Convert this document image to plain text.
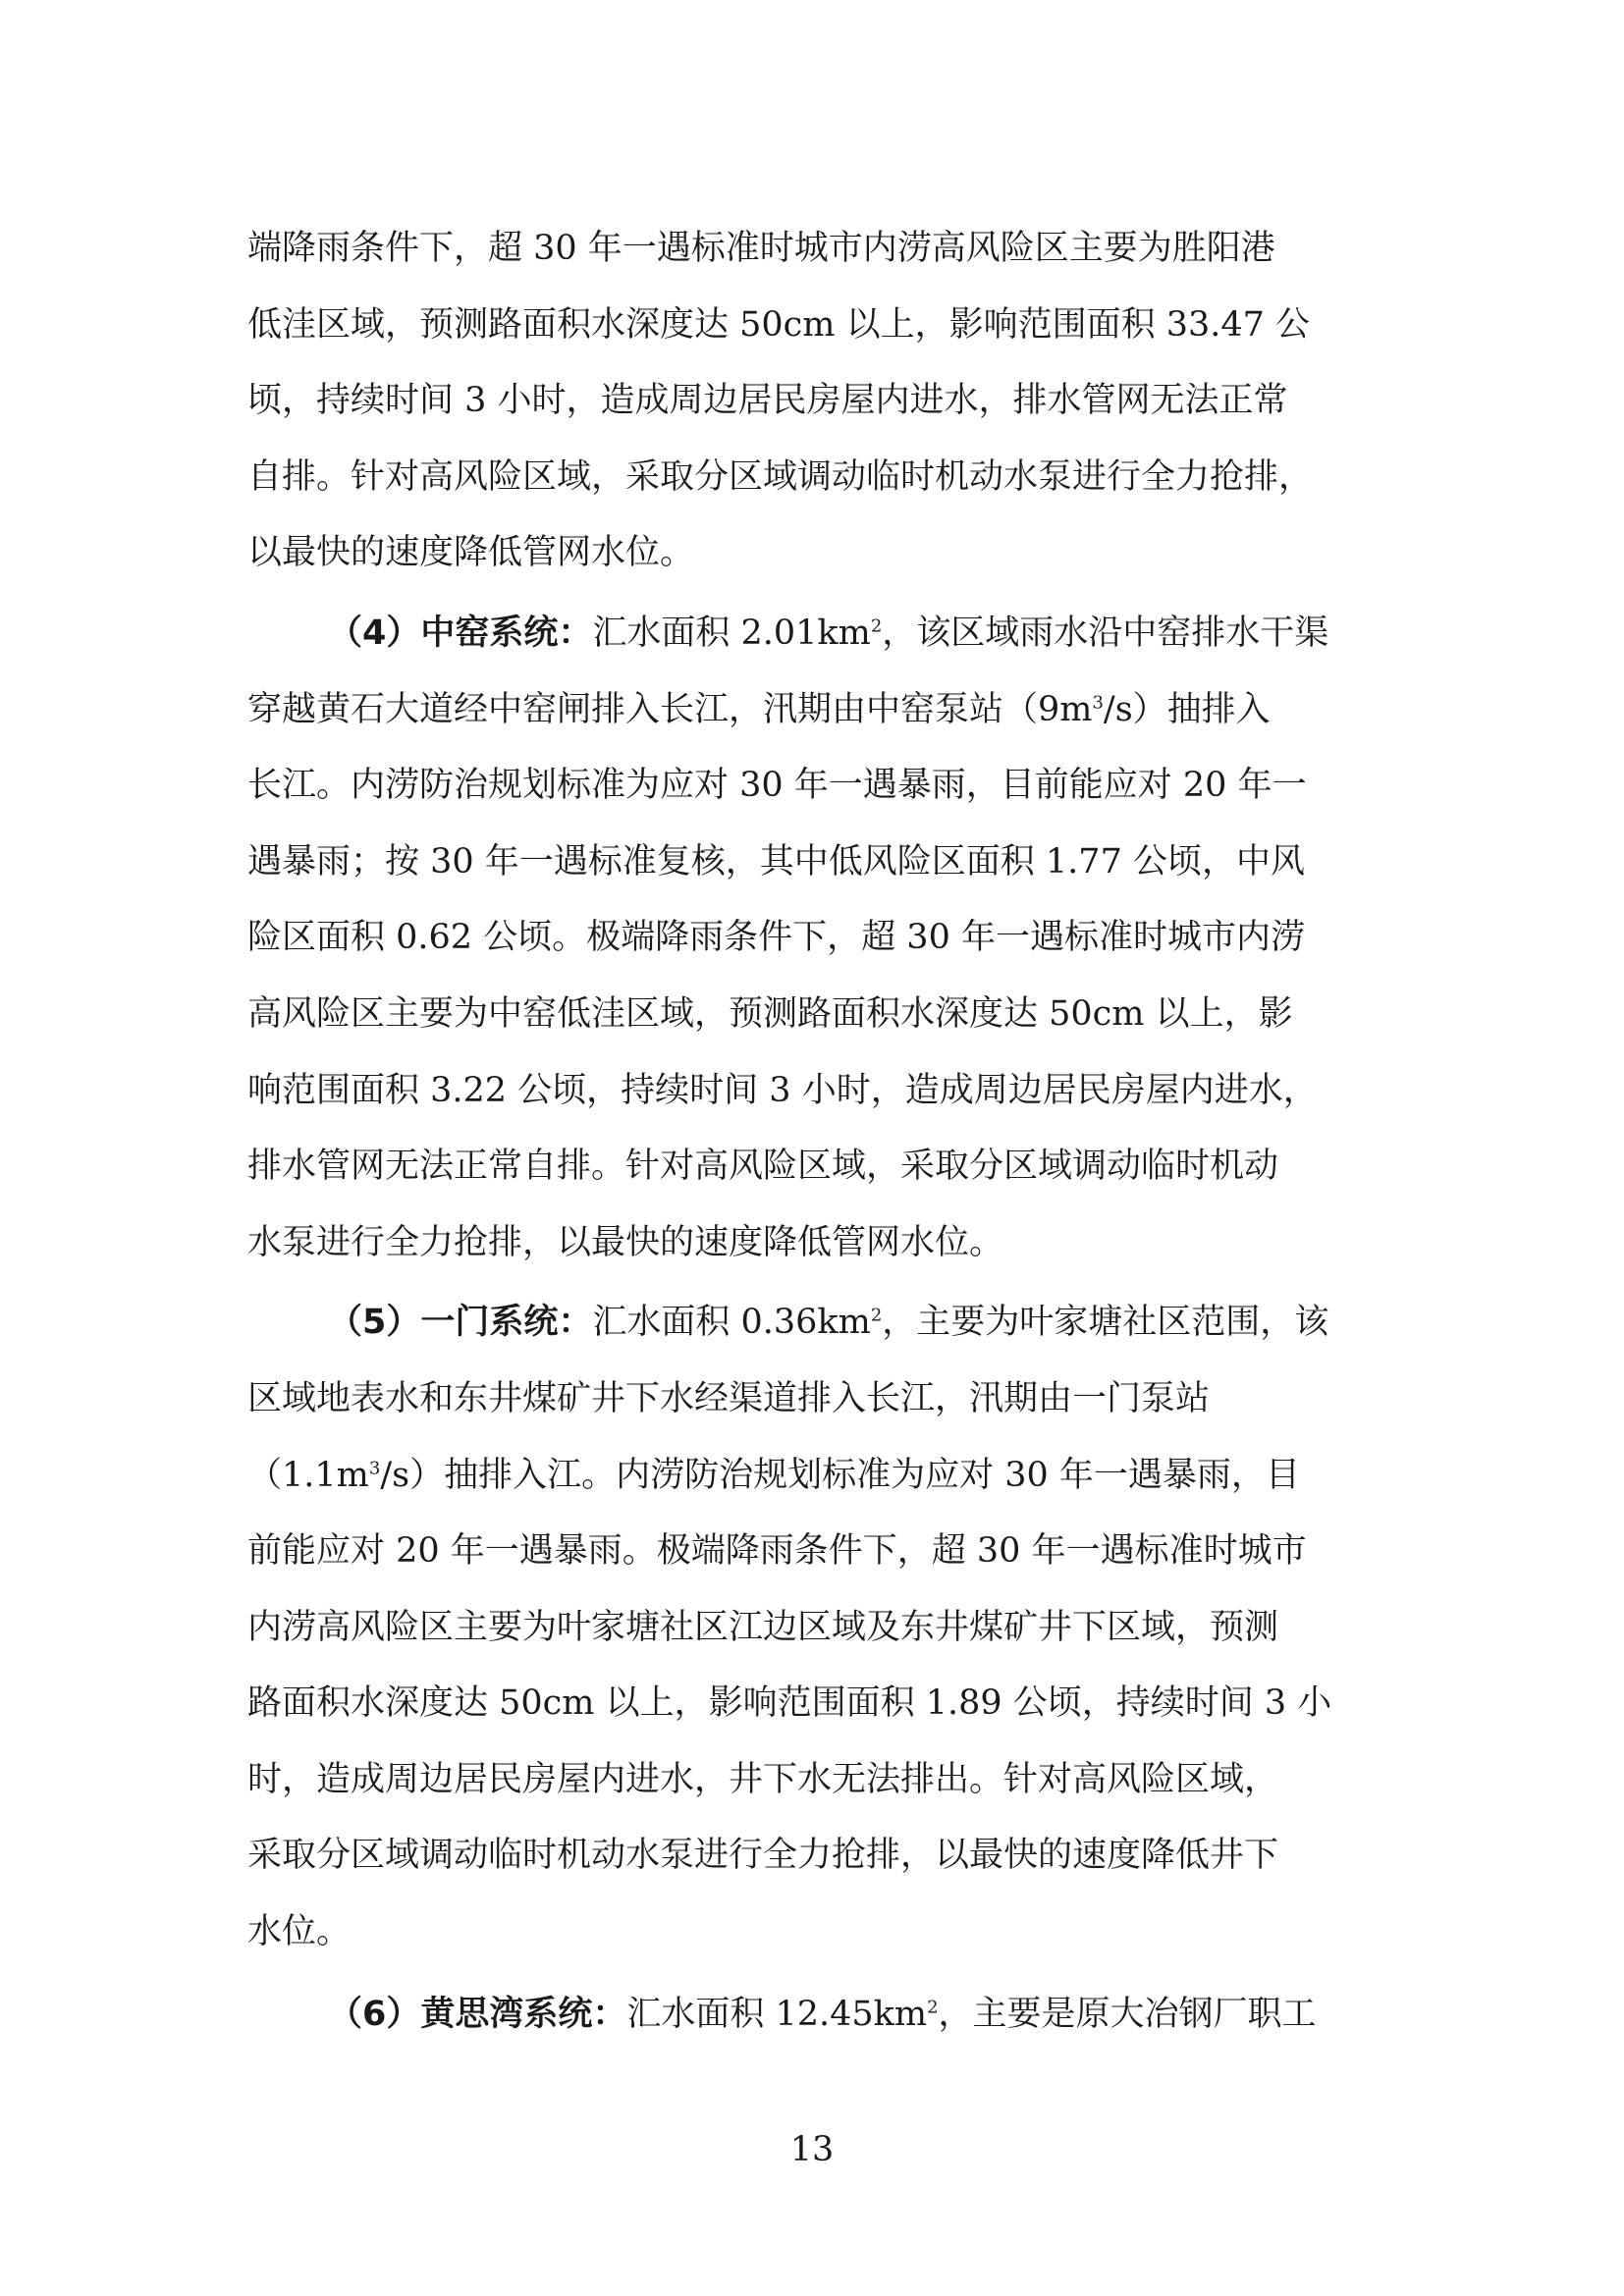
端降雨条件下，超 30 年一遇标准时城市内涝高风险区主要为胜阳港
低洼区域，预测路面积水深度达 50cm 以上，影响范围面积 33.47 公
顷，持续时间 3 小时，造成周边居民房屋内进水，排水管网无法正常
自排。针对高风险区域，采取分区域调动临时机动水泵进行全力抢排，
以最快的速度降低管网水位。
（4）中窑系统：汇水面积 $2.01km^2$，该区域雨水沿中窑排水干渠
穿越黄石大道经中窑闸排入长江，汛期由中窑泵站$(9m^3/s)$抽排入
长江。内涝防治规划标准为应对 30 年一遇暴雨，目前能应对 20 年一
遇暴雨；按 30 年一遇标准复核，其中低风险区面积 1.77 公顷，中风
险区面积 0.62 公顷。极端降雨条件下，超 30 年一遇标准时城市内涝
高风险区主要为中窑低洼区域，预测路面积水深度达 50cm 以上，影
响范围面积 3.22 公顷，持续时间 3 小时，造成周边居民房屋内进水，
排水管网无法正常自排。针对高风险区域，采取分区域调动临时机动
水泵进行全力抢排，以最快的速度降低管网水位。
（5）一门系统：汇水面积 $0.36km^2$，主要为叶家塘社区范围，该
区域地表水和东井煤矿井下水经渠道排入长江，汛期由一门泵站
$(1.1m^3/s)$抽排入江。内涝防治规划标准为应对 30 年一遇暴雨，目
前能应对 20 年一遇暴雨。极端降雨条件下，超 30 年一遇标准时城市
内涝高风险区主要为叶家塘社区江边区域及东井煤矿井下区域，预测
路面积水深度达 50cm 以上，影响范围面积 1.89 公顷，持续时间 3 小
时，造成周边居民房屋内进水，井下水无法排出。针对高风险区域，
采取分区域调动临时机动水泵进行全力抢排，以最快的速度降低井下
水位。
（6）黄思湾系统：汇水面积 $12.45km^2$，主要是原大冶钢厂职工
13
